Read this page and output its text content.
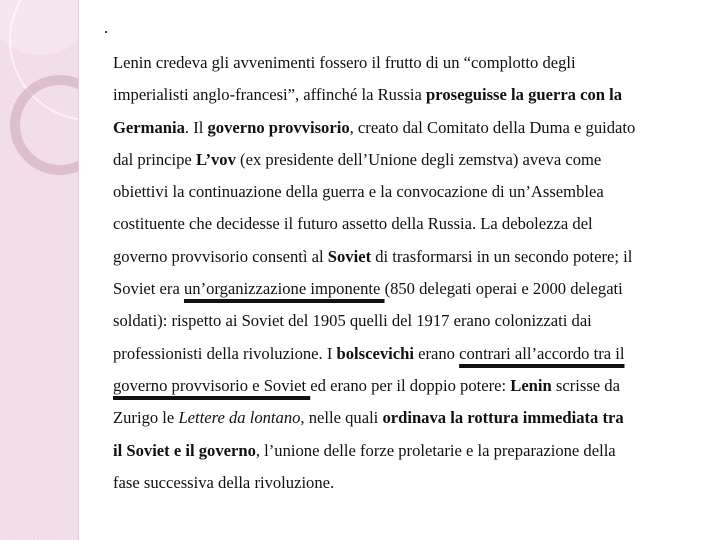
.
Lenin credeva gli avvenimenti fossero il frutto di un “complotto degli
imperialisti anglo-francesi”, affinché la Russia proseguisse la guerra con la
Germania. Il governo provvisorio, creato dal Comitato della Duma e guidato
dal principe L’vov (ex presidente dell’Unione degli zemstva) aveva come
obiettivi la continuazione della guerra e la convocazione di un’Assemblea
costituente che decidesse il futuro assetto della Russia. La debolezza del
governo provvisorio consentì al Soviet di trasformarsi in un secondo potere; il
Soviet era un’organizzazione imponente (850 delegati operai e 2000 delegati
soldati): rispetto ai Soviet del 1905 quelli del 1917 erano colonizzati dai
professionisti della rivoluzione. I bolscevichi erano contrari all’accordo tra il
governo provvisorio e Soviet ed erano per il doppio potere: Lenin scrisse da
Zurigo le Lettere da lontano, nelle quali ordinava la rottura immediata tra
il Soviet e il governo, l’unione delle forze proletarie e la preparazione della
fase successiva della rivoluzione.
